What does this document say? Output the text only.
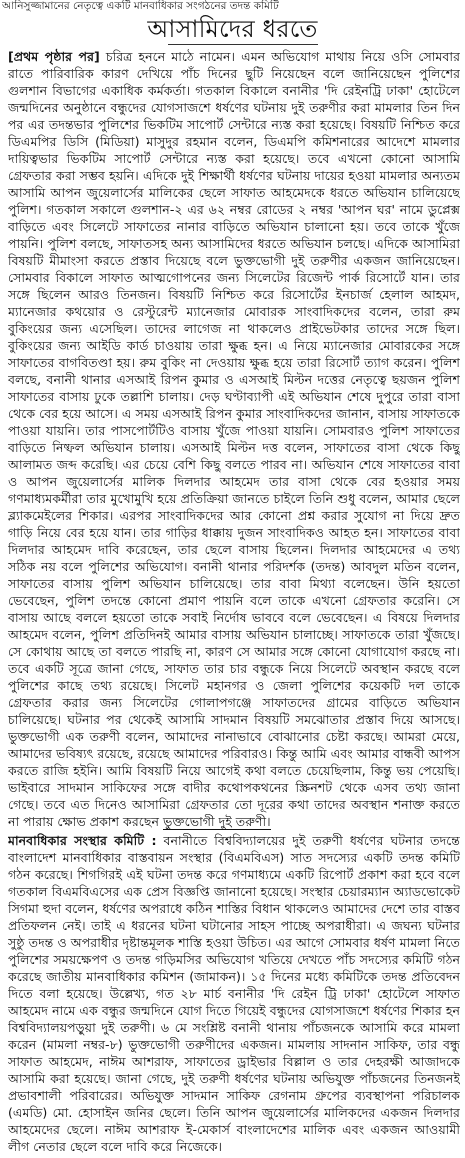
আনিসুজ্জামানের নেতৃত্বে একটি মানবাধিকার সংগঠনের তদন্ত কমিটি
আসামিদের ধরতে

[প্রথম পৃষ্ঠার পর] চরিত্র হননে মাঠে নামেন। এমন অভিযোগ মাথায় নিয়ে ওসি সোমবার রাতে পারিবারিক কারণ দেখিয়ে পাঁচ দিনের ছুটি নিয়েছেন বলে জানিয়েছেন পুলিশের গুলশান বিভাগের একাধিক কর্মকর্তা। গতকাল বিকালে বনানীর 'দি রেইনট্রি ঢাকা' হোটেলে জন্মদিনের অনুষ্ঠানে বন্ধুদের যোগসাজশে ধর্ষণের ঘটনায় দুই তরুণীর করা মামলার তিন দিন পর এর তদন্তভার পুলিশের ভিকটিম সাপোর্ট সেন্টারে ন্যস্ত করা হয়েছে। বিষয়টি নিশ্চিত করে ডিএমপির ডিসি (মিডিয়া) মাসুদুর রহমান বলেন, ডিএমপি কমিশনারের আদেশে মামলার দায়িত্বভার ভিকটিম সাপোর্ট সেন্টারে ন্যস্ত করা হয়েছে। তবে এখনো কোনো আসামি গ্রেফতার করা সম্ভব হয়নি। এদিকে দুই শিক্ষার্থী ধর্ষণের ঘটনায় দায়ের হওয়া মামলার অন্যতম আসামি আপন জুয়েলার্সের মালিকের ছেলে সাফাত আহমেদকে ধরতে অভিযান চালিয়েছে পুলিশ। গতকাল সকালে গুলশান-২ এর ৬২ নম্বর রোডের ২ নম্বর 'আপন ঘর' নামে ডুপ্লেক্স বাড়িতে এবং সিলেটে সাফাতের নানার বাড়িতে অভিযান চালানো হয়। তবে তাকে খুঁজে পায়নি। পুলিশ বলছে, সাফাতসহ অন্য আসামিদের ধরতে অভিযান চলছে। এদিকে আসামিরা বিষয়টি মীমাংসা করতে প্রস্তাব দিয়েছে বলে ভুক্তভোগী দুই তরুণীর একজন জানিয়েছেন। সোমবার বিকালে সাফাত আত্মগোপনের জন্য সিলেটের রিজেন্ট পার্ক রিসোর্টে যান। তার সঙ্গে ছিলেন আরও তিনজন। বিষয়টি নিশ্চিত করে রিসোর্টের ইনচার্জ হেলাল আহমদ, ম্যানেজার কথয়োর ও রেস্টুরেন্ট ম্যানেজার মোবারক সাংবাদিকদের বলেন, তারা রুম বুকিংয়ের জন্য এসেছিল। তাদের লাগেজ না থাকলেও প্রাইভেটকার তাদের সঙ্গে ছিল। বুকিংয়ের জন্য আইডি কার্ড চাওয়ায় তারা ক্ষুব্ধ হন। এ নিয়ে ম্যানেজার মোবারকের সঙ্গে সাফাতের বাগবিতণ্ডা হয়। রুম বুকিং না দেওয়ায় ক্ষুব্ধ হয়ে তারা রিসোর্ট ত্যাগ করেন। পুলিশ বলছে, বনানী থানার এসআই রিপন কুমার ও এসআই মিল্টন দত্তের নেতৃত্বে ছয়জন পুলিশ সাফাতের বাসায় ঢুকে তল্লাশি চালায়। দেড় ঘণ্টাব্যাপী এই অভিযান শেষে দুপুরে তারা বাসা থেকে বের হয়ে আসে। এ সময় এসআই রিপন কুমার সাংবাদিকদের জানান, বাসায় সাফাতকে পাওয়া যায়নি। তার পাসপোর্টটিও বাসায় খুঁজে পাওয়া যায়নি। সোমবারও পুলিশ সাফাতের বাড়িতে নিষ্ফল অভিযান চালায়। এসআই মিল্টন দত্ত বলেন, সাফাতের বাসা থেকে কিছু আলামত জব্দ করেছি। এর চেয়ে বেশি কিছু বলতে পারব না। অভিযান শেষে সাফাতের বাবা ও আপন জুয়েলার্সের মালিক দিলদার আহমেদ তার বাসা থেকে বের হওয়ার সময় গণমাধ্যমকর্মীরা তার মুখোমুখি হয়ে প্রতিক্রিয়া জানতে চাইলে তিনি শুধু বলেন, আমার ছেলে ব্ল্যাকমেইলের শিকার। এরপর সাংবাদিকদের আর কোনো প্রশ্ন করার সুযোগ না দিয়ে দ্রুত গাড়ি নিয়ে বের হয়ে যান। তার গাড়ির ধাক্কায় দুজন সাংবাদিকও আহত হন। সাফাতের বাবা দিলদার আহমেদ দাবি করেছেন, তার ছেলে বাসায় ছিলেন। দিলদার আহমেদের এ তথ্য সঠিক নয় বলে পুলিশের অভিযোগ। বনানী থানার পরিদর্শক (তদন্ত) আবদুল মতিন বলেন, সাফাতের বাসায় পুলিশ অভিযান চালিয়েছে। তার বাবা মিথ্যা বলেছেন। উনি হয়তো ভেবেছেন, পুলিশ তদন্তে কোনো প্রমাণ পায়নি বলে তাকে এখনো গ্রেফতার করেনি। সে বাসায় আছে বললে হয়তো তাকে সবাই নির্দোষ ভাববে বলে ভেবেছেন। এ বিষয়ে দিলদার আহমেদ বলেন, পুলিশ প্রতিদিনই আমার বাসায় অভিযান চালাচ্ছে। সাফাতকে তারা খুঁজছে। সে কোথায় আছে তা বলতে পারছি না, কারণ সে আমার সঙ্গে কোনো যোগাযোগ করছে না। তবে একটি সূত্রে জানা গেছে, সাফাত তার চার বন্ধুকে নিয়ে সিলেটে অবস্থান করছে বলে পুলিশের কাছে তথ্য রয়েছে। সিলেট মহানগর ও জেলা পুলিশের কয়েকটি দল তাকে গ্রেফতার করার জন্য সিলেটের গোলাপগঞ্জে সাফাতদের গ্রামের বাড়িতে অভিযান চালিয়েছে। ঘটনার পর থেকেই আসামি সাদমান বিষয়টি সমঝোতার প্রস্তাব দিয়ে আসছে। ভুক্তভোগী এক তরুণী বলেন, আমাদের নানাভাবে বোঝানোর চেষ্টা করছে। আমরা মেয়ে, আমাদের ভবিষ্যৎ রয়েছে, রয়েছে আমাদের পরিবারও। কিন্তু আমি এবং আমার বান্ধবী আপস করতে রাজি হইনি। আমি বিষয়টি নিয়ে আগেই কথা বলতে চেয়েছিলাম, কিন্তু ভয় পেয়েছি। ভাইবারে সাদমান সাকিফের সঙ্গে বাদীর কথোপকথনের স্ক্রিনশট থেকে এসব তথ্য জানা গেছে। তবে এত দিনেও আসামিরা গ্রেফতার তো দূরের কথা তাদের অবস্থান শনাক্ত করতে না পারায় ক্ষোভ প্রকাশ করছেন ভুক্তভোগী দুই তরুণী।

মানবাধিকার সংস্থার কমিটি : বনানীতে বিশ্ববিদ্যালয়ের দুই তরুণী ধর্ষণের ঘটনার তদন্তে বাংলাদেশ মানবাধিকার বাস্তবায়ন সংস্থার (বিএমবিএস) সাত সদস্যের একটি তদন্ত কমিটি গঠন করেছে। শিগগিরই এই ঘটনা তদন্ত করে গণমাধ্যমে একটি রিপোর্ট প্রকাশ করা হবে বলে গতকাল বিএমবিএসের এক প্রেস বিজ্ঞপ্তি জানানো হয়েছে। সংস্থার চেয়ারম্যান অ্যাডভোকেট সিগমা হুদা বলেন, ধর্ষণের অপরাধে কঠিন শাস্তির বিধান থাকলেও আমাদের দেশে তার বাস্তব প্রতিফলন নেই। তাই এ ধরনের ঘটনা ঘটানোর সাহস পাচ্ছে অপরাধীরা। এ জঘন্য ঘটনার সুষ্ঠু তদন্ত ও অপরাধীর দৃষ্টান্তমূলক শাস্তি হওয়া উচিত। এর আগে সোমবার ধর্ষণ মামলা নিতে পুলিশের সময়ক্ষেপণ ও তদন্ত গড়িমসির অভিযোগ খতিয়ে দেখতে পাঁচ সদস্যের কমিটি গঠন করেছে জাতীয় মানবাধিকার কমিশন (জামাকন)। ১৫ দিনের মধ্যে কমিটিকে তদন্ত প্রতিবেদন দিতে বলা হয়েছে। উল্লেখ্য, গত ২৮ মার্চ বনানীর 'দি রেইন ট্রি ঢাকা' হোটেলে সাফাত আহমেদ নামে এক বন্ধুর জন্মদিনে যোগ দিতে গিয়েই বন্ধুদের যোগসাজশে ধর্ষণের শিকার হন বিশ্ববিদ্যালয়পড়ুয়া দুই তরুণী। ৬ মে সংশ্লিষ্ট বনানী থানায় পাঁচজনকে আসামি করে মামলা করেন (মামলা নম্বর-৮) ভুক্তভোগী তরুণীদের একজন। মামলায় সাদনান সাকিফ, তার বন্ধু সাফাত আহমেদ, নাঈম আশরাফ, সাফাতের ড্রাইভার বিল্লাল ও তার দেহরক্ষী আজাদকে আসামি করা হয়েছে। জানা গেছে, দুই তরুণী ধর্ষণের ঘটনায় অভিযুক্ত পাঁচজনের তিনজনই প্রভাবশালী পরিবারের। অভিযুক্ত সাদমান সাকিফ রেগনাম গ্রুপের ব্যবস্থাপনা পরিচালক (এমডি) মো. হোসাইন জনির ছেলে। তিনি আপন জুয়েলার্সের মালিকদের একজন দিলদার আহমেদের ছেলে। নাঈম আশরাফ ই-মেকার্স বাংলাদেশের মালিক এবং একজন আওয়ামী লীগ নেতার ছেলে বলে দাবি করে নিজেকে।
